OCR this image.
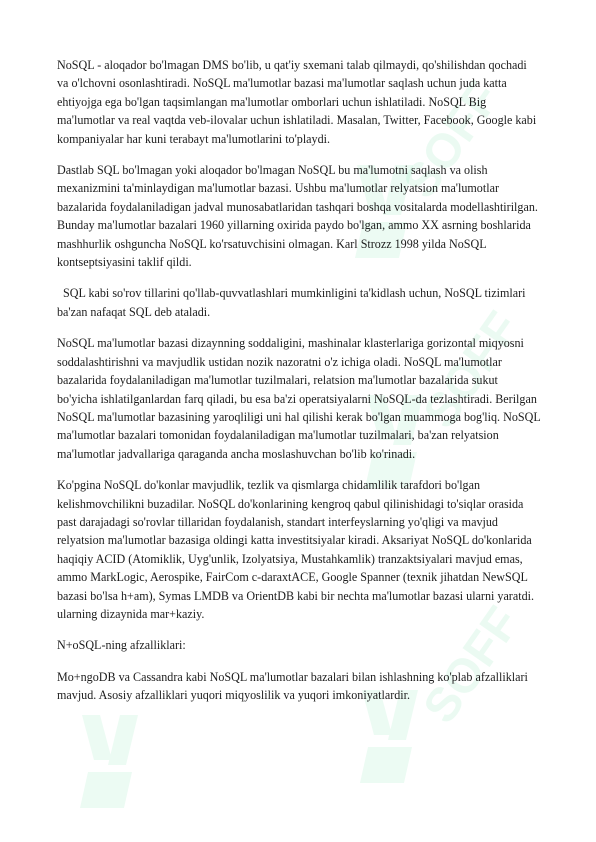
SOFF
SOFF
SOFF

NoSQL - aloqador bo'lmagan DMS bo'lib, u qat'iy sxemani talab qilmaydi, qo'shilishdan qochadi va o'lchovni osonlashtiradi. NoSQL ma'lumotlar bazasi ma'lumotlar saqlash uchun juda katta ehtiyojga ega bo'lgan taqsimlangan ma'lumotlar omborlari uchun ishlatiladi. NoSQL Big ma'lumotlar va real vaqtda veb-ilovalar uchun ishlatiladi. Masalan, Twitter, Facebook, Google kabi kompaniyalar har kuni terabayt ma'lumotlarini to'playdi.

Dastlab SQL bo'lmagan yoki aloqador bo'lmagan NoSQL bu ma'lumotni saqlash va olish mexanizmini ta'minlaydigan ma'lumotlar bazasi. Ushbu ma'lumotlar relyatsion ma'lumotlar bazalarida foydalaniladigan jadval munosabatlaridan tashqari boshqa vositalarda modellashtirilgan. Bunday ma'lumotlar bazalari 1960 yillarning oxirida paydo bo'lgan, ammo XX asrning boshlarida mashhurlik oshguncha NoSQL ko'rsatuvchisini olmagan. Karl Strozz 1998 yilda NoSQL kontseptsiyasini taklif qildi.

SQL kabi so'rov tillarini qo'llab-quvvatlashlari mumkinligini ta'kidlash uchun, NoSQL tizimlari ba'zan nafaqat SQL deb ataladi.

NoSQL ma'lumotlar bazasi dizaynning soddaligini, mashinalar klasterlariga gorizontal miqyosni soddalashtirishni va mavjudlik ustidan nozik nazoratni o'z ichiga oladi. NoSQL ma'lumotlar bazalarida foydalaniladigan ma'lumotlar tuzilmalari, relatsion ma'lumotlar bazalarida sukut bo'yicha ishlatilganlardan farq qiladi, bu esa ba'zi operatsiyalarni NoSQL-da tezlashtiradi. Berilgan NoSQL ma'lumotlar bazasining yaroqliligi uni hal qilishi kerak bo'lgan muammoga bog'liq. NoSQL ma'lumotlar bazalari tomonidan foydalaniladigan ma'lumotlar tuzilmalari, ba'zan relyatsion ma'lumotlar jadvallariga qaraganda ancha moslashuvchan bo'lib ko'rinadi.

Ko'pgina NoSQL do'konlar mavjudlik, tezlik va qismlarga chidamlilik tarafdori bo'lgan kelishmovchilikni buzadilar. NoSQL do'konlarining kengroq qabul qilinishidagi to'siqlar orasida past darajadagi so'rovlar tillaridan foydalanish, standart interfeyslarning yo'qligi va mavjud relyatsion ma'lumotlar bazasiga oldingi katta investitsiyalar kiradi. Aksariyat NoSQL do'konlarida haqiqiy ACID (Atomiklik, Uyg'unlik, Izolyatsiya, Mustahkamlik) tranzaktsiyalari mavjud emas, ammo MarkLogic, Aerospike, FairCom c-daraxtACE, Google Spanner (texnik jihatdan NewSQL bazasi bo'lsa h+am), Symas LMDB va OrientDB kabi bir nechta ma'lumotlar bazasi ularni yaratdi. ularning dizaynida mar+kaziy.

N+oSQL-ning afzalliklari:

Mo+ngoDB va Cassandra kabi NoSQL ma'lumotlar bazalari bilan ishlashning ko'plab afzalliklari mavjud. Asosiy afzalliklari yuqori miqyoslilik va yuqori imkoniyatlardir.
